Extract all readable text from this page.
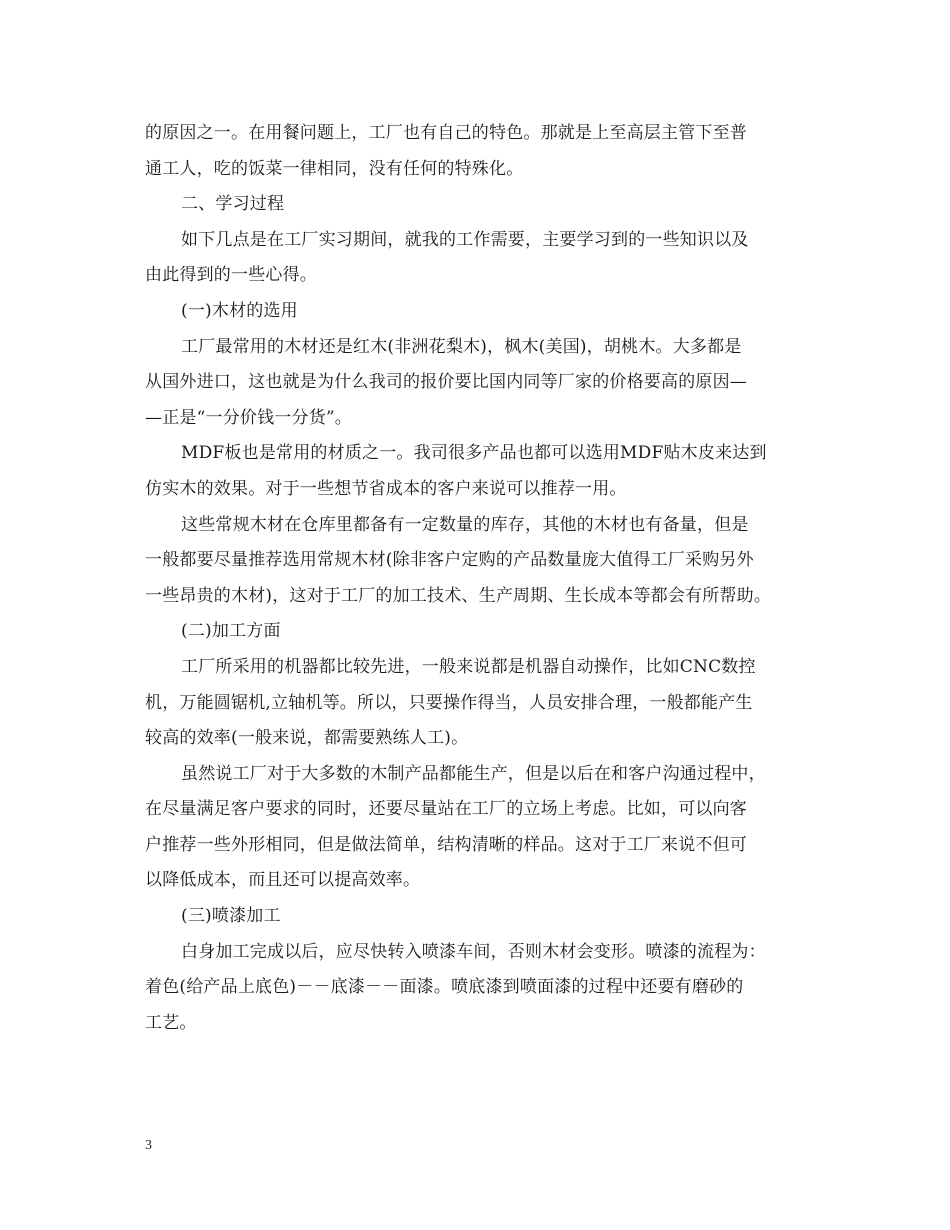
的原因之一。在用餐问题上，工厂也有自己的特色。那就是上至高层主管下至普
通工人，吃的饭菜一律相同，没有任何的特殊化。
二、学习过程
如下几点是在工厂实习期间，就我的工作需要，主要学习到的一些知识以及
由此得到的一些心得。
(一)木材的选用
工厂最常用的木材还是红木(非洲花梨木)，枫木(美国)，胡桃木。大多都是
从国外进口，这也就是为什么我司的报价要比国内同等厂家的价格要高的原因—
—正是“一分价钱一分货”。
MDF板也是常用的材质之一。我司很多产品也都可以选用MDF贴木皮来达到
仿实木的效果。对于一些想节省成本的客户来说可以推荐一用。
这些常规木材在仓库里都备有一定数量的库存，其他的木材也有备量，但是
一般都要尽量推荐选用常规木材(除非客户定购的产品数量庞大值得工厂采购另外
一些昂贵的木材)，这对于工厂的加工技术、生产周期、生长成本等都会有所帮助。
(二)加工方面
工厂所采用的机器都比较先进，一般来说都是机器自动操作，比如CNC数控
机，万能圆锯机,立轴机等。所以，只要操作得当，人员安排合理，一般都能产生
较高的效率(一般来说，都需要熟练人工)。
虽然说工厂对于大多数的木制产品都能生产，但是以后在和客户沟通过程中，
在尽量满足客户要求的同时，还要尽量站在工厂的立场上考虑。比如，可以向客
户推荐一些外形相同，但是做法简单，结构清晰的样品。这对于工厂来说不但可
以降低成本，而且还可以提高效率。
(三)喷漆加工
白身加工完成以后，应尽快转入喷漆车间，否则木材会变形。喷漆的流程为：
着色(给产品上底色)－－底漆－－面漆。喷底漆到喷面漆的过程中还要有磨砂的
工艺。
3
